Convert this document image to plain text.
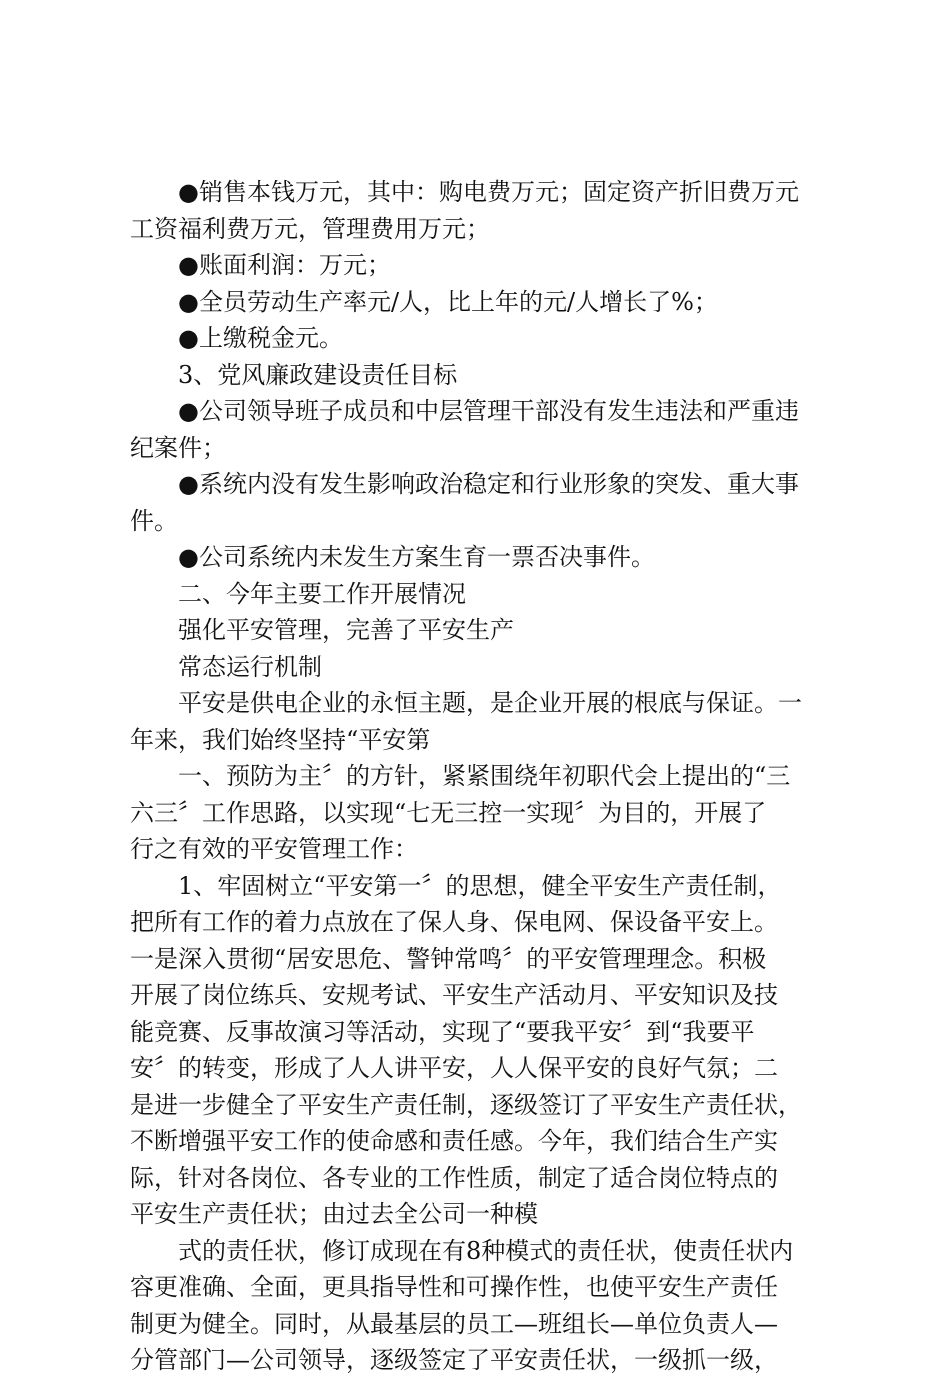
●销售本钱万元，其中：购电费万元；固定资产折旧费万元
工资福利费万元，管理费用万元；
●账面利润：万元；
●全员劳动生产率元/人，比上年的元/人增长了%；
●上缴税金元。
3、党风廉政建设责任目标
●公司领导班子成员和中层管理干部没有发生违法和严重违
纪案件；
●系统内没有发生影响政治稳定和行业形象的突发、重大事
件。
●公司系统内未发生方案生育一票否决事件。
二、今年主要工作开展情况
强化平安管理，完善了平安生产
常态运行机制
平安是供电企业的永恒主题，是企业开展的根底与保证。一
年来，我们始终坚持“平安第
一、预防为主〞的方针，紧紧围绕年初职代会上提出的“三
六三〞工作思路，以实现“七无三控一实现〞为目的，开展了
行之有效的平安管理工作：
1、牢固树立“平安第一〞的思想，健全平安生产责任制，
把所有工作的着力点放在了保人身、保电网、保设备平安上。
一是深入贯彻“居安思危、警钟常鸣〞的平安管理理念。积极
开展了岗位练兵、安规考试、平安生产活动月、平安知识及技
能竞赛、反事故演习等活动，实现了“要我平安〞到“我要平
安〞的转变，形成了人人讲平安，人人保平安的良好气氛；二
是进一步健全了平安生产责任制，逐级签订了平安生产责任状，
不断增强平安工作的使命感和责任感。今年，我们结合生产实
际，针对各岗位、各专业的工作性质，制定了适合岗位特点的
平安生产责任状；由过去全公司一种模
式的责任状，修订成现在有8种模式的责任状，使责任状内
容更准确、全面，更具指导性和可操作性，也使平安生产责任
制更为健全。同时，从最基层的员工—班组长—单位负责人—
分管部门—公司领导，逐级签定了平安责任状，一级抓一级，
